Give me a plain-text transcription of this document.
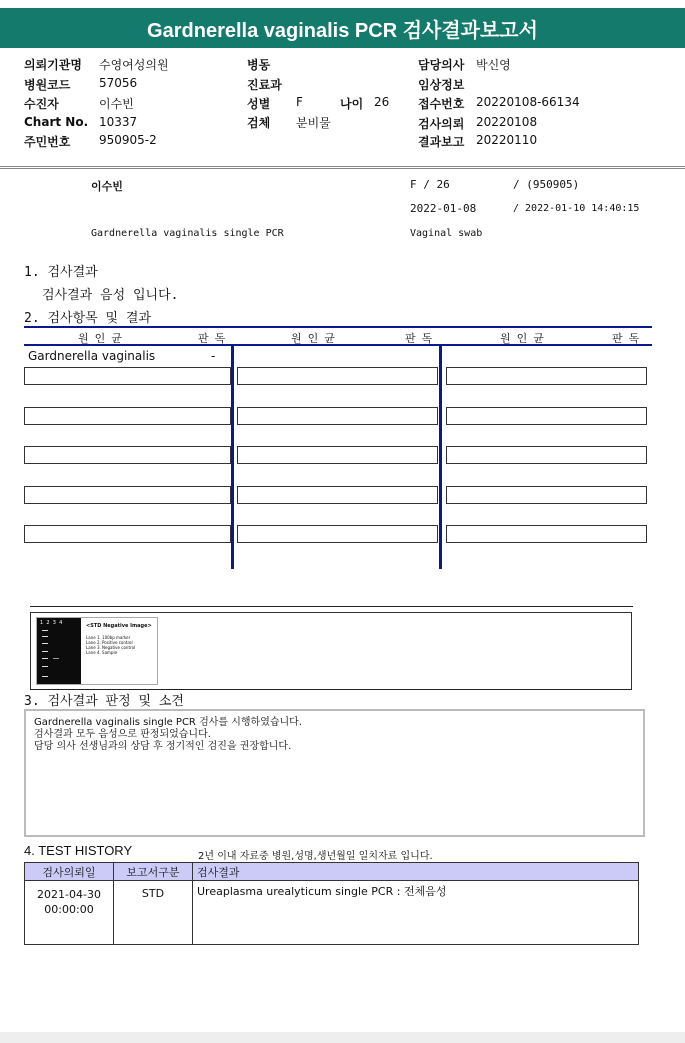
Gardnerella vaginalis PCR 검사결과보고서
의뢰기관명 수영여성의원	병동	담당의사 박신영
병원코드 57056	진료과	임상정보
수진자	이수빈	성별 F	나이 26 접수번호 20220108-66134
Chart No. 10337	검체 분비물	검사의뢰 20220108
주민번호 950905-2	결과보고 20220110
이수빈	F / 26	/ (950905)
2022-01-08	/ 2022-01-10 14:40:15
Gardnerella vaginalis single PCR	Vaginal swab
1. 검사결과
검사결과 음성 입니다.
2. 검사항목 및 결과
원인균	판독	원인균	판독	원인균	판독
Gardnerella vaginalis	-
1  2  3  4	<STD Negative Image>
Lane 1. 100bp marker
Lane 2. Positive control
Lane 3. Negative control
Lane 4. Sample
3. 검사결과 판정 및 소견
Gardnerella vaginalis single PCR 검사를 시행하였습니다.
검사결과 모두 음성으로 판정되었습니다.
담당 의사 선생님과의 상담 후 정기적인 검진을 권장합니다.
4. TEST HISTORY	2년 이내 자료중 병원,성명,생년월일 일치자료 입니다.
검사의뢰일	보고서구분	검사결과

2021-04-30
00:00:00	STD	Ureaplasma urealyticum single PCR : 전체음성
